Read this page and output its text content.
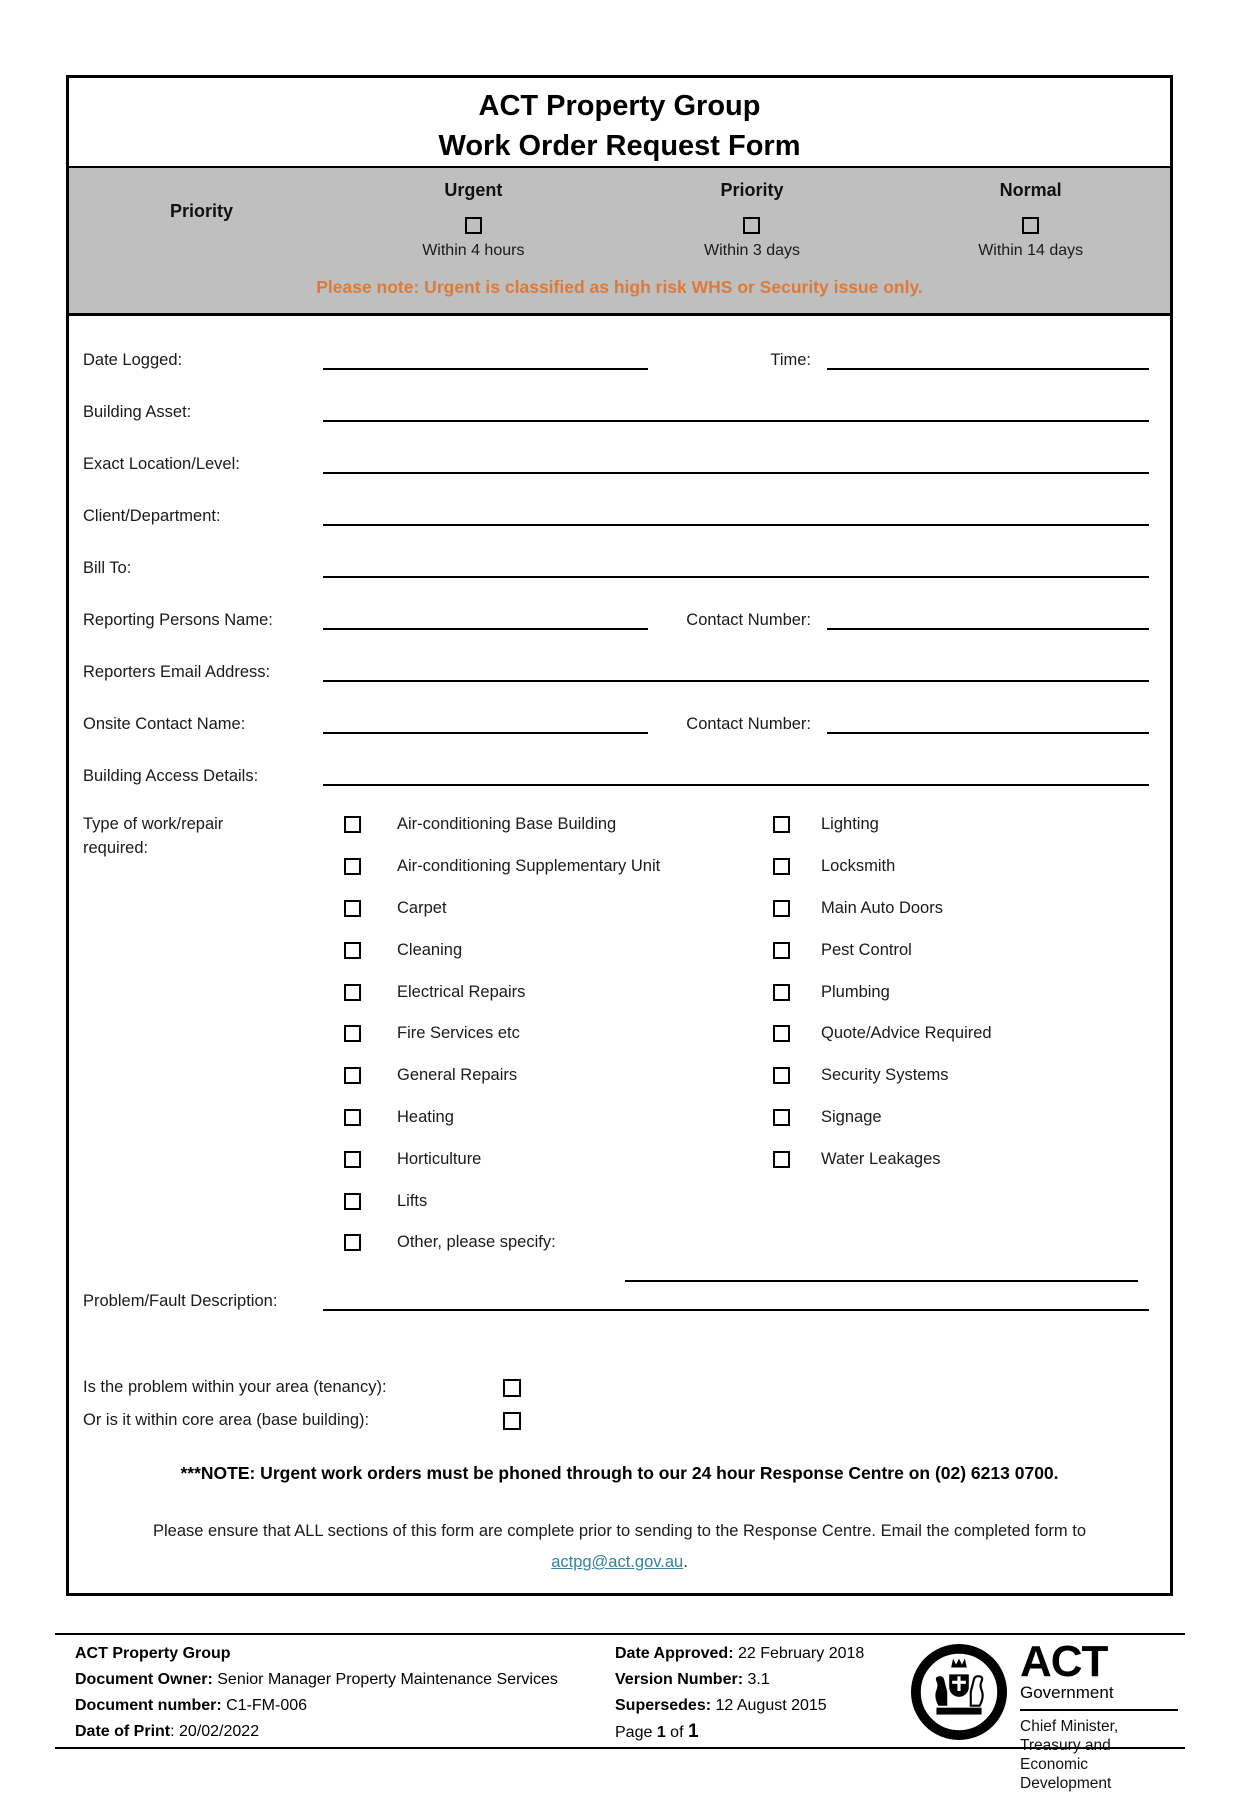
ACT Property Group
Work Order Request Form
Priority
Urgent	Priority	Normal
Within 4 hours	Within 3 days	Within 14 days
Please note: Urgent is classified as high risk WHS or Security issue only.
Date Logged:	Time:
Building Asset:
Exact Location/Level:
Client/Department:
Bill To:
Reporting Persons Name:	Contact Number:
Reporters Email Address:
Onsite Contact Name:	Contact Number:
Building Access Details:
Type of work/repair
required:
Air-conditioning Base Building
Air-conditioning Supplementary Unit
Carpet
Cleaning
Electrical Repairs
Fire Services etc
General Repairs
Heating
Horticulture
Lifts
Other, please specify:
Lighting
Locksmith
Main Auto Doors
Pest Control
Plumbing
Quote/Advice Required
Security Systems
Signage
Water Leakages
Problem/Fault Description:
Is the problem within your area (tenancy):
Or is it within core area (base building):
***NOTE: Urgent work orders must be phoned through to our 24 hour Response Centre on (02) 6213 0700.
Please ensure that ALL sections of this form are complete prior to sending to the Response Centre. Email the completed form to actpg@act.gov.au.
ACT Property Group
Document Owner: Senior Manager Property Maintenance Services
Document number: C1-FM-006
Date of Print: 20/02/2022
Date Approved: 22 February 2018
Version Number: 3.1
Supersedes: 12 August 2015
Page 1 of 1
ACT
Government
Chief Minister, Treasury and
Economic Development
